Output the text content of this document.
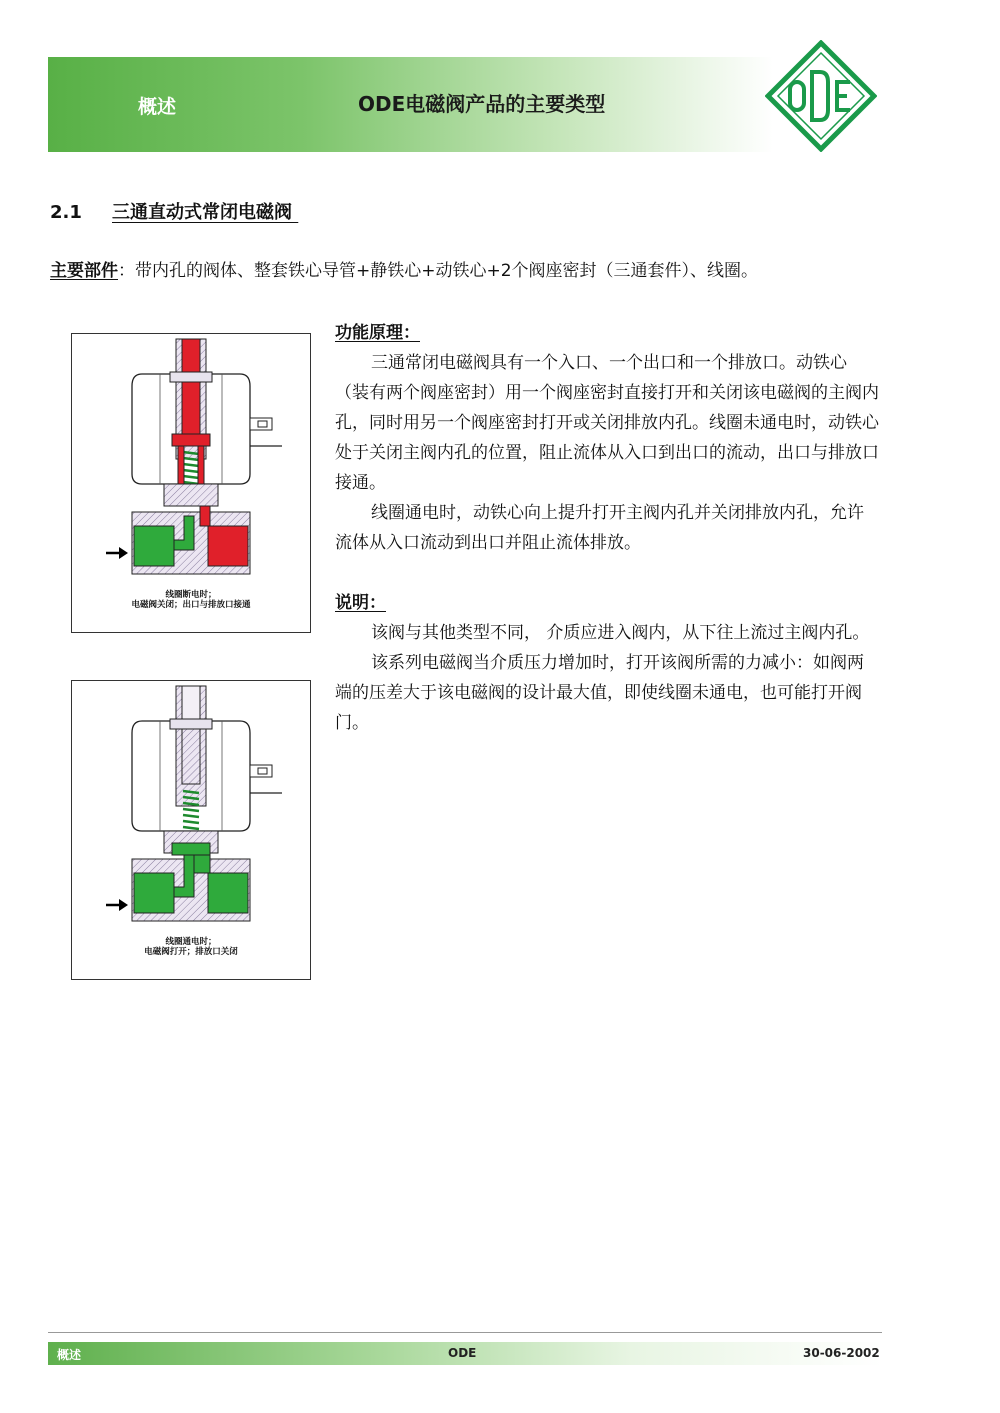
概述	ODE电磁阀产品的主要类型
2.1 三通直动式常闭电磁阀
主要部件：带内孔的阀体、整套铁心导管+静铁心+动铁心+2个阀座密封（三通套件）、线圈。

功能原理：

三通常闭电磁阀具有一个入口、一个出口和一个排放口。动铁心（装有两个阀座密封）用一个阀座密封直接打开和关闭该电磁阀的主阀内孔，同时用另一个阀座密封打开或关闭排放内孔。线圈未通电时，动铁心处于关闭主阀内孔的位置，阻止流体从入口到出口的流动，出口与排放口接通。

线圈通电时，动铁心向上提升打开主阀内孔并关闭排放内孔，允许流体从入口流动到出口并阻止流体排放。

说明：

该阀与其他类型不同， 介质应进入阀内，从下往上流过主阀内孔。

该系列电磁阀当介质压力增加时，打开该阀所需的力减小：如阀两端的压差大于该电磁阀的设计最大值，即使线圈未通电，也可能打开阀门。

线圈断电时；
电磁阀关闭；出口与排放口接通
线圈通电时；
电磁阀打开；排放口关闭
概述	ODE	30-06-2002
